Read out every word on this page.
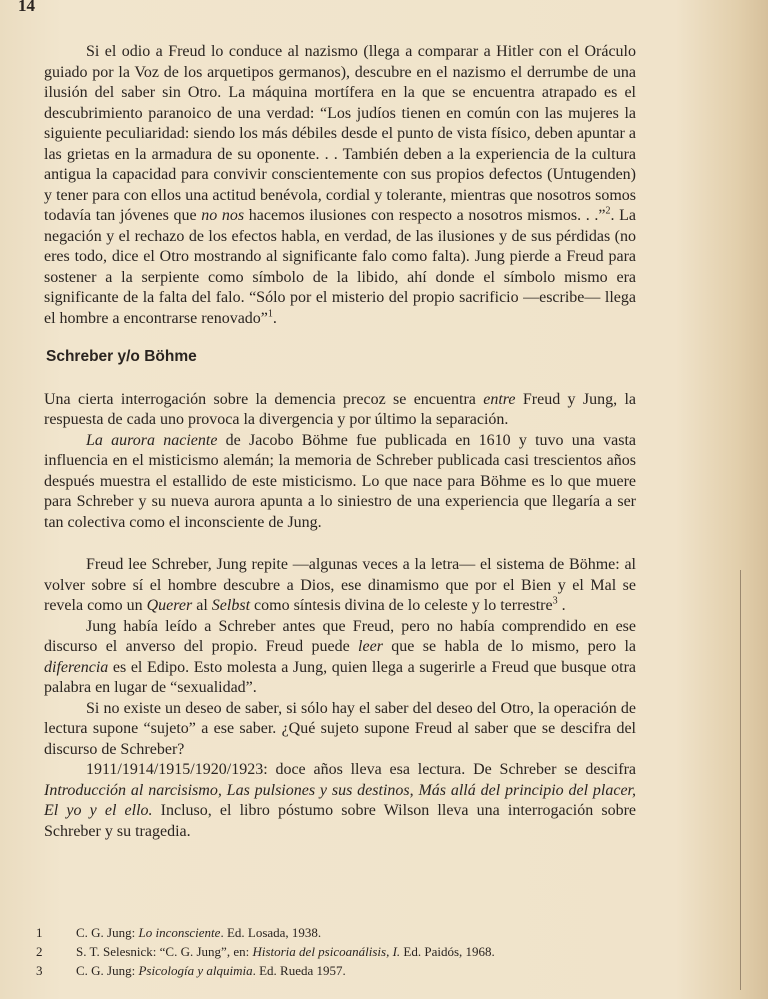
14

Si el odio a Freud lo conduce al nazismo (llega a comparar a Hitler con el Oráculo guiado por la Voz de los arquetipos germanos), descubre en el nazismo el derrumbe de una ilusión del saber sin Otro. La máquina mortífera en la que se encuentra atrapado es el descubrimiento paranoico de una verdad: “Los judíos tienen en común con las mujeres la siguiente peculiaridad: siendo los más débiles desde el punto de vista físico, deben apuntar a las grietas en la armadura de su oponente. . . También deben a la experiencia de la cultura antigua la capacidad para convivir conscientemente con sus propios defectos (Untugenden) y tener para con ellos una actitud benévola, cordial y tolerante, mientras que nosotros somos todavía tan jóvenes que no nos hacemos ilusiones con respecto a nosotros mismos. . .”$^2$. La negación y el rechazo de los efectos habla, en verdad, de las ilusiones y de sus pérdidas (no eres todo, dice el Otro mostrando al significante falo como falta). Jung pierde a Freud para sostener a la serpiente como símbolo de la libido, ahí donde el símbolo mismo era significante de la falta del falo. “Sólo por el misterio del propio sacrificio —escribe— llega el hombre a encontrarse renovado”$^1$.

Schreber y/o Böhme

Una cierta interrogación sobre la demencia precoz se encuentra entre Freud y Jung, la respuesta de cada uno provoca la divergencia y por último la separación.

La aurora naciente de Jacobo Böhme fue publicada en 1610 y tuvo una vasta influencia en el misticismo alemán; la memoria de Schreber publicada casi trescientos años después muestra el estallido de este misticismo. Lo que nace para Böhme es lo que muere para Schreber y su nueva aurora apunta a lo siniestro de una experiencia que llegaría a ser tan colectiva como el inconsciente de Jung.

Freud lee Schreber, Jung repite —algunas veces a la letra— el sistema de Böhme: al volver sobre sí el hombre descubre a Dios, ese dinamismo que por el Bien y el Mal se revela como un Querer al Selbst como síntesis divina de lo celeste y lo terrestre$^3$ .

Jung había leído a Schreber antes que Freud, pero no había comprendido en ese discurso el anverso del propio. Freud puede leer que se habla de lo mismo, pero la diferencia es el Edipo. Esto molesta a Jung, quien llega a sugerirle a Freud que busque otra palabra en lugar de “sexualidad”.

Si no existe un deseo de saber, si sólo hay el saber del deseo del Otro, la operación de lectura supone “sujeto” a ese saber. ¿Qué sujeto supone Freud al saber que se descifra del discurso de Schreber?

1911/1914/1915/1920/1923: doce años lleva esa lectura. De Schreber se descifra Introducción al narcisismo, Las pulsiones y sus destinos, Más allá del principio del placer, El yo y el ello. Incluso, el libro póstumo sobre Wilson lleva una interrogación sobre Schreber y su tragedia.

1	C. G. Jung: Lo inconsciente. Ed. Losada, 1938.
2	S. T. Selesnick: “C. G. Jung”, en: Historia del psicoanálisis, I. Ed. Paidós, 1968.
3	C. G. Jung: Psicología y alquimia. Ed. Rueda 1957.
